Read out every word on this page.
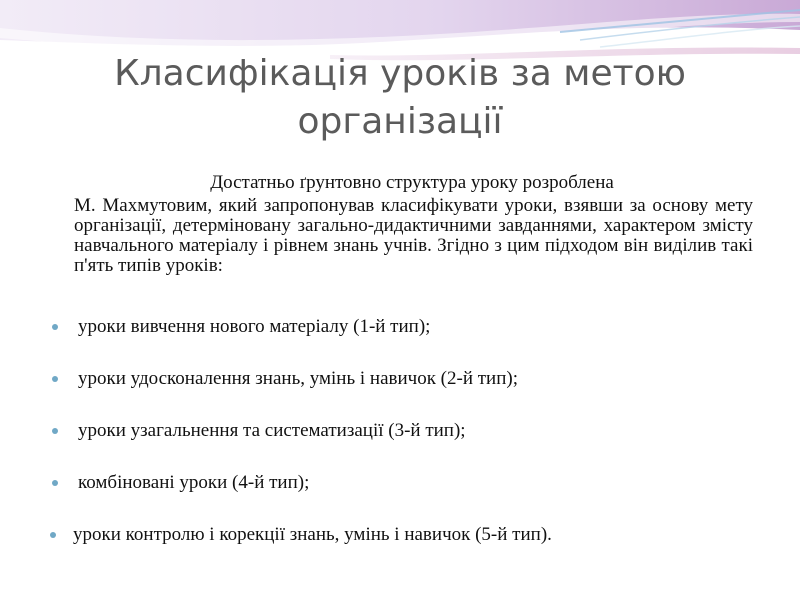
Класифікація уроків за метою організації
Достатньо ґрунтовно структура уроку розроблена
М. Махмутовим, який запропонував класифікувати уроки, взявши за основу мету організації, детерміновану загально-дидактичними завданнями, характером змісту навчального матеріалу і рівнем знань учнів. Згідно з цим підходом він виділив такі п'ять типів уроків:
уроки вивчення нового матеріалу (1-й тип);
уроки удосконалення знань, умінь і навичок (2-й тип);
уроки узагальнення та систематизації (3-й тип);
комбіновані уроки (4-й тип);
уроки контролю і корекції знань, умінь і навичок (5-й тип).
